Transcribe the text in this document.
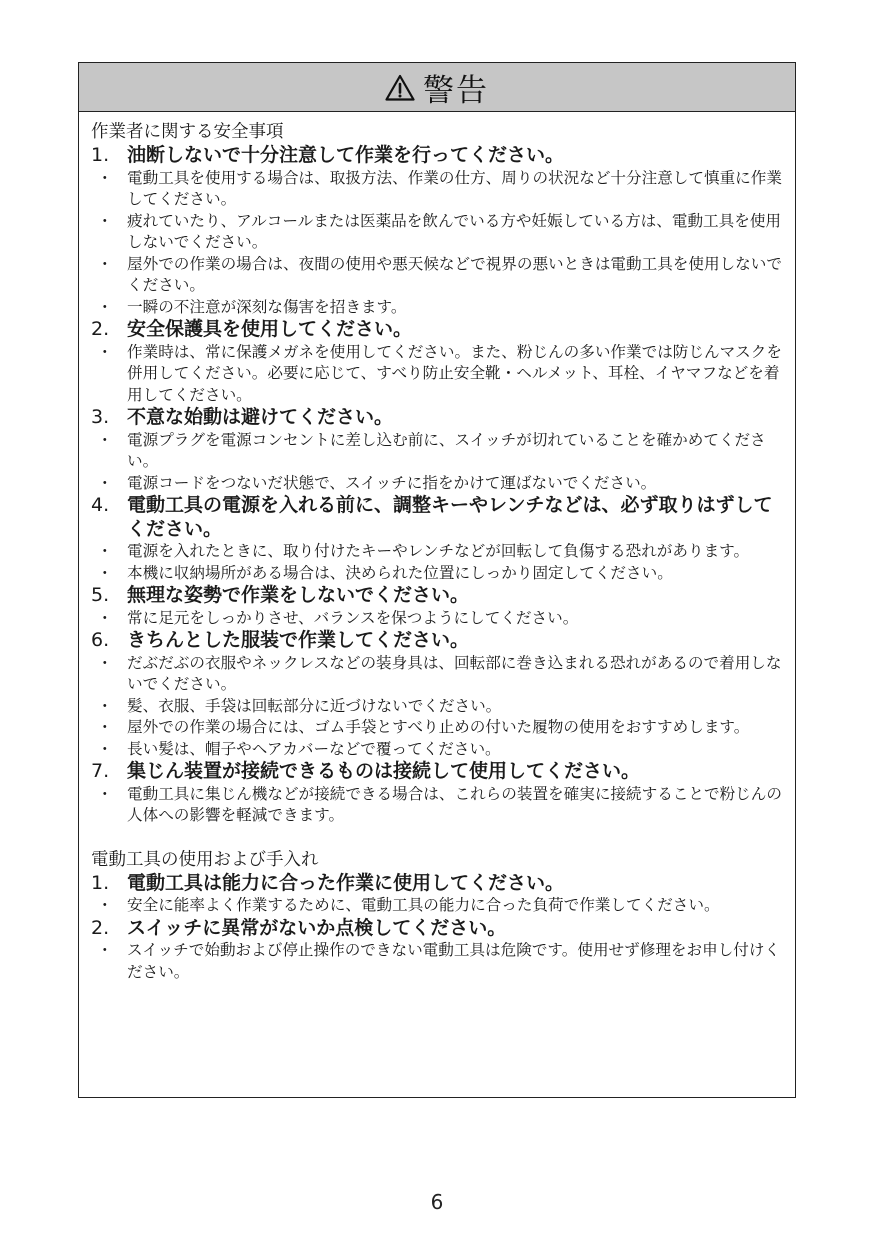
警告

作業者に関する安全事項

1. 油断しないで十分注意して作業を行ってください。
・ 電動工具を使用する場合は、取扱方法、作業の仕方、周りの状況など十分注意して慎重に作業してください。
・ 疲れていたり、アルコールまたは医薬品を飲んでいる方や妊娠している方は、電動工具を使用しないでください。
・ 屋外での作業の場合は、夜間の使用や悪天候などで視界の悪いときは電動工具を使用しないでください。
・ 一瞬の不注意が深刻な傷害を招きます。
2. 安全保護具を使用してください。
・ 作業時は、常に保護メガネを使用してください。また、粉じんの多い作業では防じんマスクを併用してください。必要に応じて、すべり防止安全靴・ヘルメット、耳栓、イヤマフなどを着用してください。
3. 不意な始動は避けてください。
・ 電源プラグを電源コンセントに差し込む前に、スイッチが切れていることを確かめてください。
・ 電源コードをつないだ状態で、スイッチに指をかけて運ばないでください。
4. 電動工具の電源を入れる前に、調整キーやレンチなどは、必ず取りはずしてください。
・ 電源を入れたときに、取り付けたキーやレンチなどが回転して負傷する恐れがあります。
・ 本機に収納場所がある場合は、決められた位置にしっかり固定してください。
5. 無理な姿勢で作業をしないでください。
・ 常に足元をしっかりさせ、バランスを保つようにしてください。
6. きちんとした服装で作業してください。
・ だぶだぶの衣服やネックレスなどの装身具は、回転部に巻き込まれる恐れがあるので着用しないでください。
・ 髪、衣服、手袋は回転部分に近づけないでください。
・ 屋外での作業の場合には、ゴム手袋とすべり止めの付いた履物の使用をおすすめします。
・ 長い髪は、帽子やヘアカバーなどで覆ってください。
7. 集じん装置が接続できるものは接続して使用してください。
・ 電動工具に集じん機などが接続できる場合は、これらの装置を確実に接続することで粉じんの人体への影響を軽減できます。

電動工具の使用および手入れ

1. 電動工具は能力に合った作業に使用してください。
・ 安全に能率よく作業するために、電動工具の能力に合った負荷で作業してください。
2. スイッチに異常がないか点検してください。
・ スイッチで始動および停止操作のできない電動工具は危険です。使用せず修理をお申し付けください。
6
